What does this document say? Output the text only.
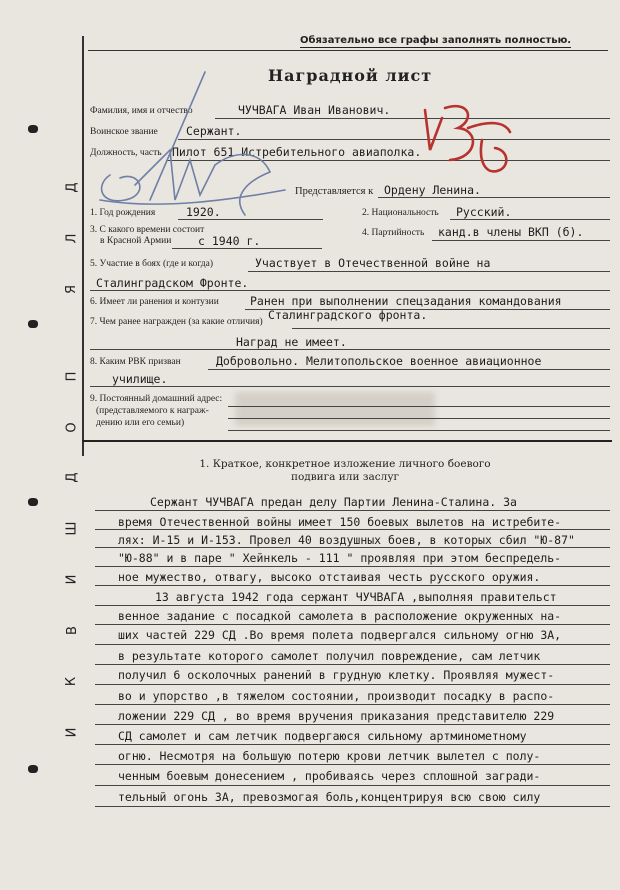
Д
Л
Я
П
О
Д
Ш
И
В
К
И
Обязательно все графы заполнять полностью.
Наградной лист
Фамилия, имя и отчество	ЧУЧВАГА Иван Иванович.
Воинское звание Сержант.
Должность, часть Пилот 651 Истребительного авиаполка.
Представляется к Ордену Ленина.
1. Год рождения	1920.	2. Национальность Русский.
3. С какого времени состоит
в Красной Армии с 1940 г.
4. Партийность канд.в члены ВКП (б).
5. Участие в боях (где и когда)	Участвует в Отечественной войне на
Сталинградском Фронте.
6. Имеет ли ранения и контузии	Ранен при выполнении спецзадания командования
Сталинградского фронта.
7. Чем ранее награжден (за какие отличия)
Наград не имеет.
8. Каким РВК призван	Добровольно. Мелитопольское военное авиационное
училище.
9. Постоянный домашний адрес:
(представляемого к награж-
дению или его семьи)
1. Краткое, конкретное изложение личного боевого
подвига или заслуг
Сержант ЧУЧВАГА предан делу Партии Ленина-Сталина. За
время Отечественной войны имеет 150 боевых вылетов на истребите-
лях: И-15 и И-153. Провел 40 воздушных боев, в которых сбил "Ю-87"
"Ю-88" и в паре " Хейнкель - 111 " проявляя при этом беспредель-
ное мужество, отвагу, высоко отстаивая честь русского оружия.
13 августа 1942 года сержант ЧУЧВАГА ,выполняя правительст
венное задание с посадкой самолета в расположение окруженных на-
ших частей 229 СД .Во время полета подвергался сильному огню ЗА,
в результате которого самолет получил повреждение, сам летчик
получил 6 осколочных ранений в грудную клетку. Проявляя мужест-
во и упорство ,в тяжелом состоянии, производит посадку в распо-
ложении 229 СД , во время вручения приказания представителю 229
СД самолет и сам летчик подвергаюся сильному артминометному
огню. Несмотря на большую потерю крови летчик вылетел с полу-
ченным боевым донесением , пробиваясь через сплошной загради-
тельный огонь ЗА, превозмогая боль,концентрируя всю свою силу
